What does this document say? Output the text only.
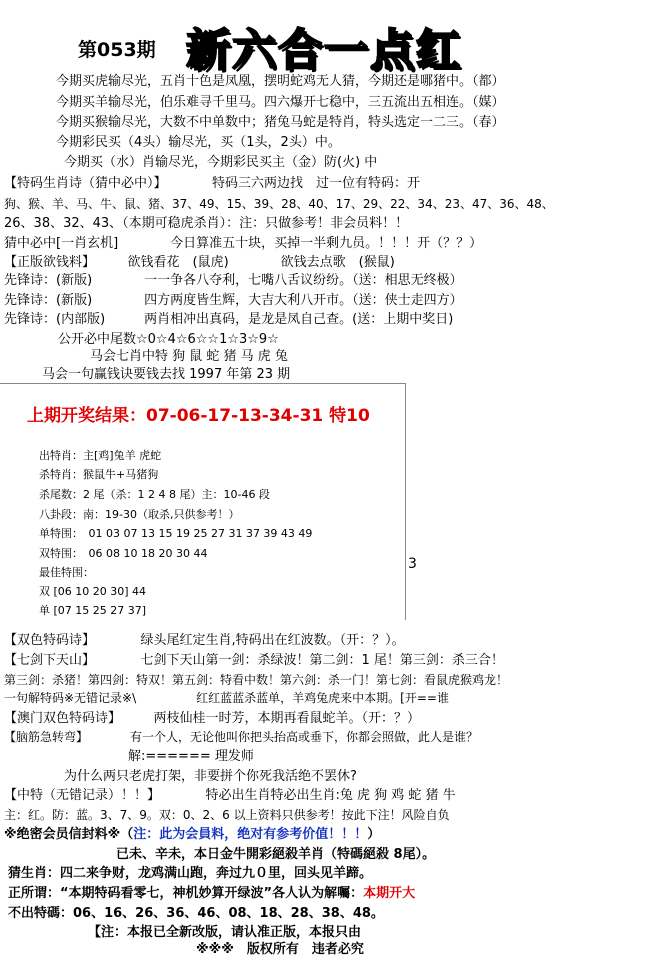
第053期 新六合一点红
今期买虎输尽光，五肖十色是凤凰，摆明蛇鸡无人猜，今期还是哪猪中。（都）
今期买羊输尽光，伯乐难寻千里马。四六爆开七稳中，三五流出五相连。（媒）
今期买猴输尽光，大数不中单数中；猪兔马蛇是特肖，特头选定一二三。（春）
今期彩民买（4头）输尽光，买（1头，2头）中。
今期买（水）肖输尽光，今期彩民买主（金）防(火) 中
【特码生肖诗（猜中必中）】　　　　特码三六两边找　过一位有特码：开
狗、猴、羊、马、牛、鼠、猪、37、49、15、39、28、40、17、29、22、34、23、47、36、48、
26、38、32、43、（本期可稳虎杀肖）：注：只做参考！非会员料！！
猜中必中[一肖玄机]　　　　今日算准五十块，买掉一半剩九员。！！！开（？？）
【正版欲钱料】　　　欲钱看花　(鼠虎)　　　　欲钱去点歌　(猴鼠)
先锋诗：(新版)　　　　一一争各八夺利，七嘴八舌议纷纷。（送：相思无终极）
先锋诗：(新版)　　　　四方两度皆生辉，大吉大利八开市。（送：侠士走四方）
先锋诗：(内部版)　　　两肖相冲出真码，是龙是凤自己查。(送：上期中奖日)
公开必中尾数☆0☆4☆6☆☆1☆3☆9☆
马会七肖中特 狗 鼠 蛇 猪 马 虎 兔
马会一句赢钱诀要钱去找 1997 年第 23 期
上期开奖结果：07-06-17-13-34-31 特10
出特肖：主[鸡]兔羊 虎蛇
杀特肖：猴鼠牛+马猪狗
杀尾数：2 尾（杀：1 2 4 8 尾）主：10-46 段
八卦段：南：19-30（取杀,只供参考！）
单特围：　01 03 07 13 15 19 25 27 31 37 39 43 49
双特围：　06 08 10 18 20 30 44
最佳特围：
双 [06 10 20 30] 44
单 [07 15 25 27 37]
3
【双色特码诗】　　　　绿头尾红定生肖,特码出在红波数。（开：？）。
【七剑下天山】　　　　七剑下天山第一剑：杀绿波！第二剑：1 尾！第三剑：杀三合！
第三剑：杀猪！第四剑：特双！第五剑：特看中数！第六剑：杀一门！第七剑：看鼠虎猴鸡龙！
一句解特码※无错记录※\　　　　　红红蓝蓝杀蓝单，羊鸡兔虎来中本期。[开==谁
【澳门双色特码诗】　　　两枝仙桂一时芳，本期再看鼠蛇羊。（开：？）
【脑筋急转弯】　　　　有一个人，无论他叫你把头抬高或垂下，你都会照做，此人是谁？
解:====== 理发师
为什么两只老虎打架，非要拼个你死我活绝不罢休?
【中特（无错记录）！！】　　　　特必出生肖特必出生肖:兔 虎 狗 鸡 蛇 猪 牛
主：红。防：蓝。3、7、9。双：0、2、6 以上资料只供参考！按此下注！风险自负
※绝密会员信封料※（注：此为会員料，绝对有参考价值！！！）
已未、辛未，本日金牛開彩絕殺羊肖（特碼絕殺 8尾）。
猜生肖：四二来争财，龙鸡满山跑，奔过九０里，回头见羊蹄。
正所谓：“本期特码看零七，神机妙算开绿波”各人认为解囑：本期开大
不出特碼：06、16、26、36、46、08、18、28、38、48。
【注：本报已全新改版，请认准正版，本报只由
※※※　版权所有　违者必究
